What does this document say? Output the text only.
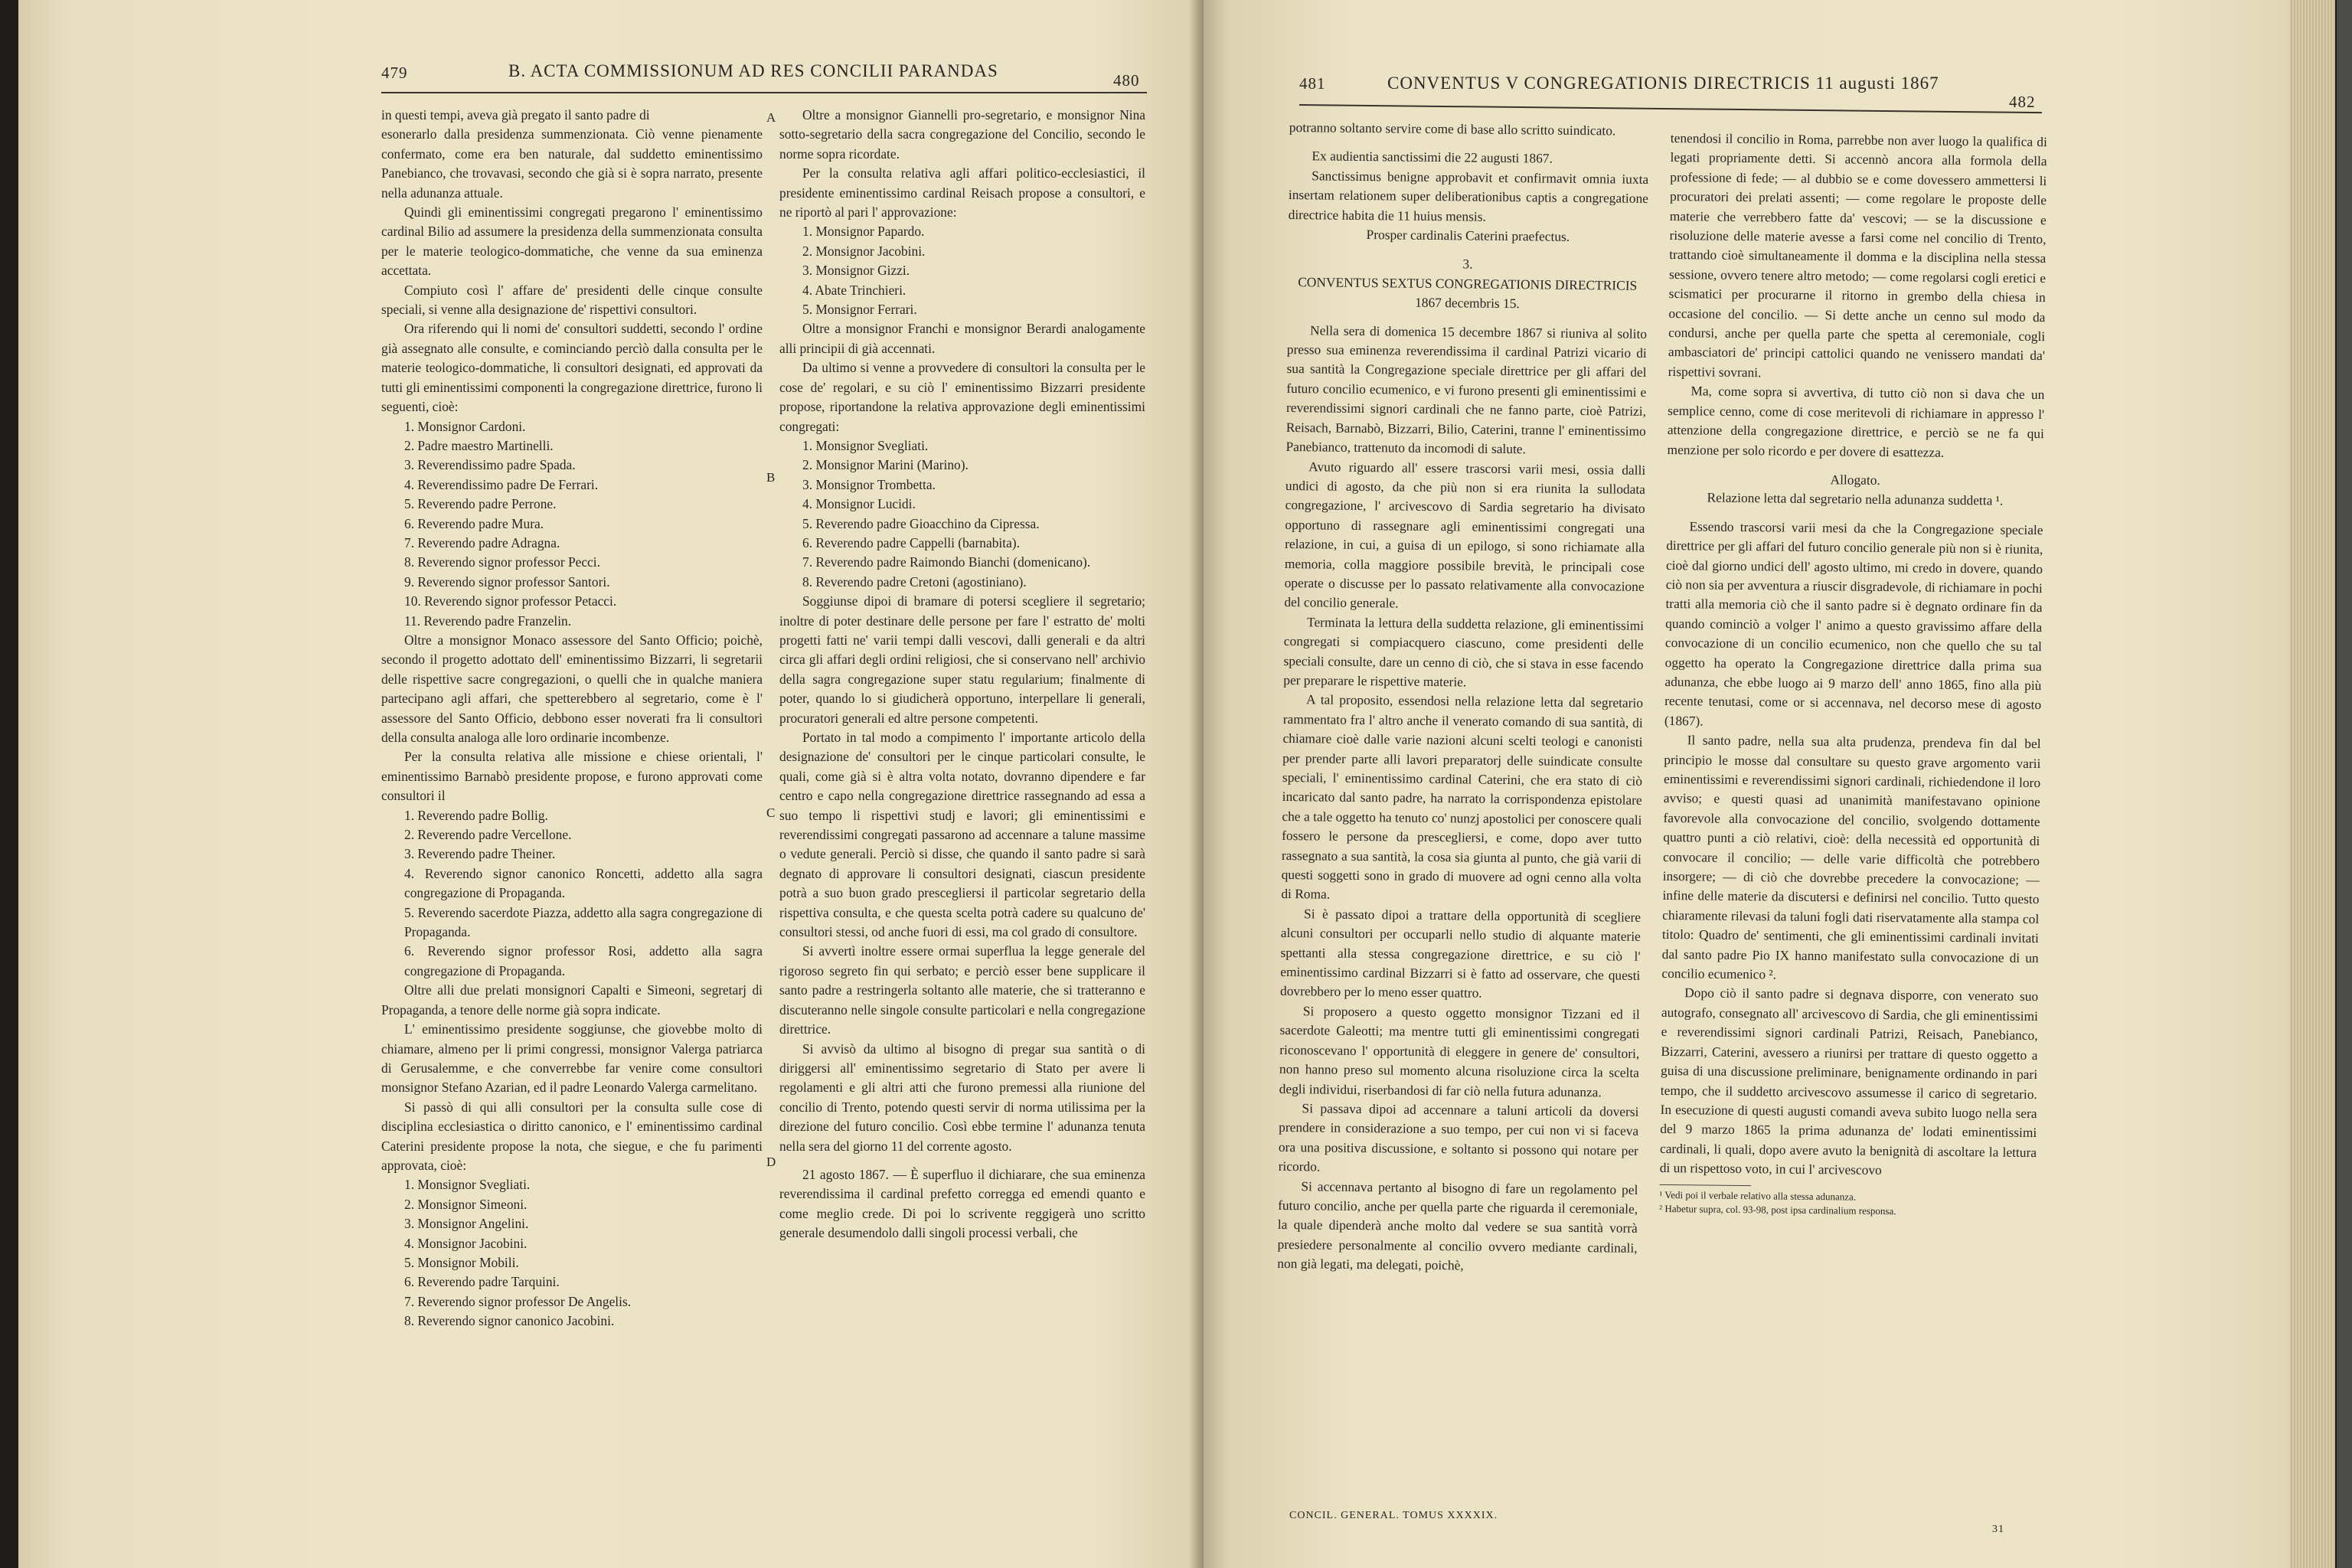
479	B. ACTA COMMISSIONUM AD RES CONCILII PARANDAS	480

in questi tempi, aveva già pregato il santo padre di

esonerarlo dalla presidenza summenzionata. Ciò venne pienamente confermato, come era ben naturale, dal suddetto eminentissimo Panebianco, che trovavasi, secondo che già si è sopra narrato, presente nella adunanza attuale.

Quindi gli eminentissimi congregati pregarono l' eminentissimo cardinal Bilio ad assumere la presidenza della summenzionata consulta per le materie teologico-dommatiche, che venne da sua eminenza accettata.

Compiuto così l' affare de' presidenti delle cinque consulte speciali, si venne alla designazione de' rispettivi consultori.

Ora riferendo qui li nomi de' consultori suddetti, secondo l' ordine già assegnato alle consulte, e cominciando percìò dalla consulta per le materie teologico-dommatiche, li consultori designati, ed approvati da tutti gli eminentissimi componenti la congregazione direttrice, furono li seguenti, cioè:

1. Monsignor Cardoni.

2. Padre maestro Martinelli.

3. Reverendissimo padre Spada.

4. Reverendissimo padre De Ferrari.

5. Reverendo padre Perrone.

6. Reverendo padre Mura.

7. Reverendo padre Adragna.

8. Reverendo signor professor Pecci.

9. Reverendo signor professor Santori.

10. Reverendo signor professor Petacci.

11. Reverendo padre Franzelin.

Oltre a monsignor Monaco assessore del Santo Officio; poichè, secondo il progetto adottato dell' eminentissimo Bizzarri, li segretarii delle rispettive sacre congregazioni, o quelli che in qualche maniera partecipano agli affari, che spetterebbero al segretario, come è l' assessore del Santo Officio, debbono esser noverati fra li consultori della consulta analoga alle loro ordinarie incombenze.

Per la consulta relativa alle missione e chiese orientali, l' eminentissimo Barnabò presidente propose, e furono approvati come consultori il

1. Reverendo padre Bollig.

2. Reverendo padre Vercellone.

3. Reverendo padre Theiner.

4. Reverendo signor canonico Roncetti, addetto alla sagra congregazione di Propaganda.

5. Reverendo sacerdote Piazza, addetto alla sagra congregazione di Propaganda.

6. Reverendo signor professor Rosi, addetto alla sagra congregazione di Propaganda.

Oltre alli due prelati monsignori Capalti e Simeoni, segretarj di Propaganda, a tenore delle norme già sopra indicate.

L' eminentissimo presidente soggiunse, che giovebbe molto di chiamare, almeno per li primi congressi, monsignor Valerga patriarca di Gerusalemme, e che converrebbe far venire come consultori monsignor Stefano Azarian, ed il padre Leonardo Valerga carmelitano.

Si passò di qui alli consultori per la consulta sulle cose di disciplina ecclesiastica o diritto canonico, e l' eminentissimo cardinal Caterini presidente propose la nota, che siegue, e che fu parimenti approvata, cioè:

1. Monsignor Svegliati.

2. Monsignor Simeoni.

3. Monsignor Angelini.

4. Monsignor Jacobini.

5. Monsignor Mobili.

6. Reverendo padre Tarquini.

7. Reverendo signor professor De Angelis.

8. Reverendo signor canonico Jacobini.

Oltre a monsignor Giannelli pro-segretario, e monsignor Nina sotto-segretario della sacra congregazione del Concilio, secondo le norme sopra ricordate.

Per la consulta relativa agli affari politico-ecclesiastici, il presidente eminentissimo cardinal Reisach propose a consultori, e ne riportò al pari l' approvazione:

1. Monsignor Papardo.

2. Monsignor Jacobini.

3. Monsignor Gizzi.

4. Abate Trinchieri.

5. Monsignor Ferrari.

Oltre a monsignor Franchi e monsignor Berardi analogamente alli principii di già accennati.

Da ultimo si venne a provvedere di consultori la consulta per le cose de' regolari, e su ciò l' eminentissimo Bizzarri presidente propose, riportandone la relativa approvazione degli eminentissimi congregati:

1. Monsignor Svegliati.

2. Monsignor Marini (Marino).

3. Monsignor Trombetta.

4. Monsignor Lucidi.

5. Reverendo padre Gioacchino da Cipressa.

6. Reverendo padre Cappelli (barnabita).

7. Reverendo padre Raimondo Bianchi (domenicano).

8. Reverendo padre Cretoni (agostiniano).

Soggiunse dipoi di bramare di potersi scegliere il segretario; inoltre di poter destinare delle persone per fare l' estratto de' molti progetti fatti ne' varii tempi dalli vescovi, dalli generali e da altri circa gli affari degli ordini religiosi, che si conservano nell' archivio della sagra congregazione super statu regularium; finalmente di poter, quando lo si giudicherà opportuno, interpellare li generali, procuratori generali ed altre persone competenti.

Portato in tal modo a compimento l' importante articolo della designazione de' consultori per le cinque particolari consulte, le quali, come già si è altra volta notato, dovranno dipendere e far centro e capo nella congregazione direttrice rassegnando ad essa a suo tempo li rispettivi studj e lavori; gli eminentissimi e reverendissimi congregati passarono ad accennare a talune massime o vedute generali. Perciò si disse, che quando il santo padre si sarà degnato di approvare li consultori designati, ciascun presidente potrà a suo buon grado prescegliersi il particolar segretario della rispettiva consulta, e che questa scelta potrà cadere su qualcuno de' consultori stessi, od anche fuori di essi, ma col grado di consultore.

Si avvertì inoltre essere ormai superflua la legge generale del rigoroso segreto fin qui serbato; e perciò esser bene supplicare il santo padre a restringerla soltanto alle materie, che si tratteranno e discuteranno nelle singole consulte particolari e nella congregazione direttrice.

Si avvisò da ultimo al bisogno di pregar sua santità o di diriggersi all' eminentissimo segretario di Stato per avere li regolamenti e gli altri atti che furono premessi alla riunione del concilio di Trento, potendo questi servir di norma utilissima per la direzione del futuro concilio. Così ebbe termine l' adunanza tenuta nella sera del giorno 11 del corrente agosto.

21 agosto 1867. — È superfluo il dichiarare, che sua eminenza reverendissima il cardinal prefetto corregga ed emendi quanto e come meglio crede. Di poi lo scrivente reggigerà uno scritto generale desumendolo dalli singoli processi verbali, che

A
B
C
D
481	CONVENTUS V CONGREGATIONIS DIRECTRICIS 11 augusti 1867
482

potranno soltanto servire come di base allo scritto suindicato.

Ex audientia sanctissimi die 22 augusti 1867.

Sanctissimus benigne approbavit et confirmavit omnia iuxta insertam relationem super deliberationibus captis a congregatione directrice habita die 11 huius mensis.

Prosper cardinalis Caterini praefectus.

3.

CONVENTUS SEXTUS CONGREGATIONIS DIRECTRICIS 1867 decembris 15.

Nella sera di domenica 15 decembre 1867 si riuniva al solito presso sua eminenza reverendissima il cardinal Patrizi vicario di sua santità la Congregazione speciale direttrice per gli affari del futuro concilio ecumenico, e vi furono presenti gli eminentissimi e reverendissimi signori cardinali che ne fanno parte, cioè Patrizi, Reisach, Barnabò, Bizzarri, Bilio, Caterini, tranne l' eminentissimo Panebianco, trattenuto da incomodi di salute.

Avuto riguardo all' essere trascorsi varii mesi, ossia dalli undici di agosto, da che più non si era riunita la sullodata congregazione, l' arcivescovo di Sardia segretario ha divisato opportuno di rassegnare agli eminentissimi congregati una relazione, in cui, a guisa di un epilogo, si sono richiamate alla memoria, colla maggiore possibile brevità, le principali cose operate o discusse per lo passato relativamente alla convocazione del concilio generale.

Terminata la lettura della suddetta relazione, gli eminentissimi congregati si compiacquero ciascuno, come presidenti delle speciali consulte, dare un cenno di ciò, che si stava in esse facendo per preparare le rispettive materie.

A tal proposito, essendosi nella relazione letta dal segretario rammentato fra l' altro anche il venerato comando di sua santità, di chiamare cioè dalle varie nazioni alcuni scelti teologi e canonisti per prender parte alli lavori preparatorj delle suindicate consulte speciali, l' eminentissimo cardinal Caterini, che era stato di ciò incaricato dal santo padre, ha narrato la corrispondenza epistolare che a tale oggetto ha tenuto co' nunzj apostolici per conoscere quali fossero le persone da prescegliersi, e come, dopo aver tutto rassegnato a sua santità, la cosa sia giunta al punto, che già varii di questi soggetti sono in grado di muovere ad ogni cenno alla volta di Roma.

Si è passato dipoi a trattare della opportunità di scegliere alcuni consultori per occuparli nello studio di alquante materie spettanti alla stessa congregazione direttrice, e su ciò l' eminentissimo cardinal Bizzarri si è fatto ad osservare, che questi dovrebbero per lo meno esser quattro.

Si proposero a questo oggetto monsignor Tizzani ed il sacerdote Galeotti; ma mentre tutti gli eminentissimi congregati riconoscevano l' opportunità di eleggere in genere de' consultori, non hanno preso sul momento alcuna risoluzione circa la scelta degli individui, riserbandosi di far ciò nella futura adunanza.

Si passava dipoi ad accennare a taluni articoli da doversi prendere in considerazione a suo tempo, per cui non vi si faceva ora una positiva discussione, e soltanto si possono qui notare per ricordo.

Si accennava pertanto al bisogno di fare un regolamento pel futuro concilio, anche per quella parte che riguarda il ceremoniale, la quale dipenderà anche molto dal vedere se sua santità vorrà presiedere personalmente al concilio ovvero mediante cardinali, non già legati, ma delegati, poichè,

tenendosi il concilio in Roma, parrebbe non aver luogo la qualifica di legati propriamente detti. Si accennò ancora alla formola della professione di fede; — al dubbio se e come dovessero ammettersi li procuratori dei prelati assenti; — come regolare le proposte delle materie che verrebbero fatte da' vescovi; — se la discussione e risoluzione delle materie avesse a farsi come nel concilio di Trento, trattando cioè simultaneamente il domma e la disciplina nella stessa sessione, ovvero tenere altro metodo; — come regolarsi cogli eretici e scismatici per procurarne il ritorno in grembo della chiesa in occasione del concilio. — Si dette anche un cenno sul modo da condursi, anche per quella parte che spetta al ceremoniale, cogli ambasciatori de' principi cattolici quando ne venissero mandati da' rispettivi sovrani.

Ma, come sopra si avvertiva, di tutto ciò non si dava che un semplice cenno, come di cose meritevoli di richiamare in appresso l' attenzione della congregazione direttrice, e perciò se ne fa qui menzione per solo ricordo e per dovere di esattezza.

Allogato.

Relazione letta dal segretario nella adunanza suddetta ¹.

Essendo trascorsi varii mesi da che la Congregazione speciale direttrice per gli affari del futuro concilio generale più non si è riunita, cioè dal giorno undici dell' agosto ultimo, mi credo in dovere, quando ciò non sia per avventura a riuscir disgradevole, di richiamare in pochi tratti alla memoria ciò che il santo padre si è degnato ordinare fin da quando cominciò a volger l' animo a questo gravissimo affare della convocazione di un concilio ecumenico, non che quello che su tal oggetto ha operato la Congregazione direttrice dalla prima sua adunanza, che ebbe luogo ai 9 marzo dell' anno 1865, fino alla più recente tenutasi, come or si accennava, nel decorso mese di agosto (1867).

Il santo padre, nella sua alta prudenza, prendeva fin dal bel principio le mosse dal consultare su questo grave argomento varii eminentissimi e reverendissimi signori cardinali, richiedendone il loro avviso; e questi quasi ad unanimità manifestavano opinione favorevole alla convocazione del concilio, svolgendo dottamente quattro punti a ciò relativi, cioè: della necessità ed opportunità di convocare il concilio; — delle varie difficoltà che potrebbero insorgere; — di ciò che dovrebbe precedere la convocazione; — infine delle materie da discutersi e definirsi nel concilio. Tutto questo chiaramente rilevasi da taluni fogli dati riservatamente alla stampa col titolo: Quadro de' sentimenti, che gli eminentissimi cardinali invitati dal santo padre Pio IX hanno manifestato sulla convocazione di un concilio ecumenico ².

Dopo ciò il santo padre si degnava disporre, con venerato suo autografo, consegnato all' arcivescovo di Sardia, che gli eminentissimi e reverendissimi signori cardinali Patrizi, Reisach, Panebianco, Bizzarri, Caterini, avessero a riunirsi per trattare di questo oggetto a guisa di una discussione preliminare, benignamente ordinando in pari tempo, che il suddetto arcivescovo assumesse il carico di segretario. In esecuzione di questi augusti comandi aveva subito luogo nella sera del 9 marzo 1865 la prima adunanza de' lodati eminentissimi cardinali, li quali, dopo avere avuto la benignità di ascoltare la lettura di un rispettoso voto, in cui l' arcivescovo

¹ Vedi poi il verbale relativo alla stessa adunanza.

² Habetur supra, col. 93-98, post ipsa cardinalium responsa.

CONCIL. GENERAL. TOMUS XXXXIX.
31
